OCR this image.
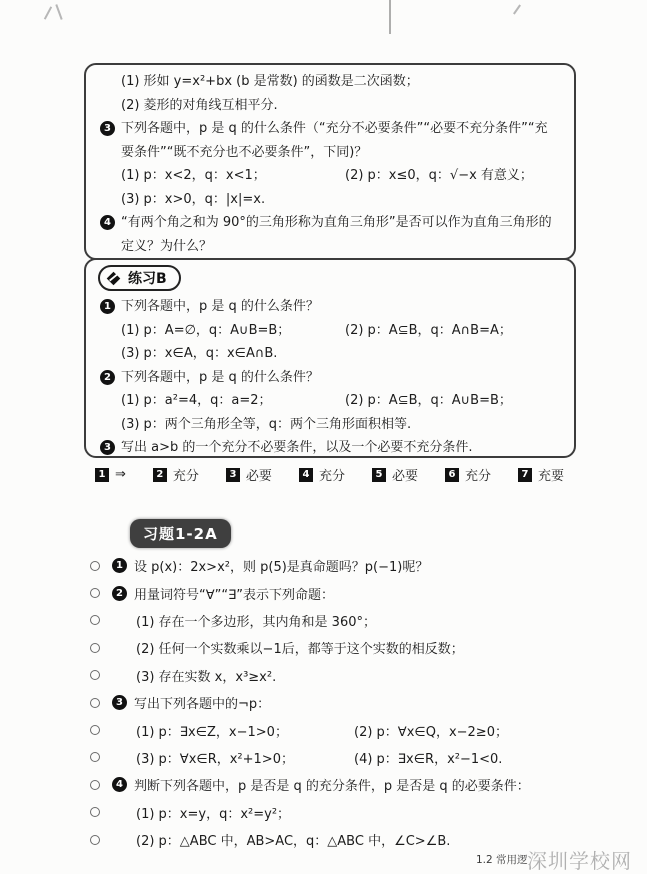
(1) 形如 y=x²+bx (b 是常数) 的函数是二次函数；
(2) 菱形的对角线互相平分.
3 下列各题中，p 是 q 的什么条件（“充分不必要条件”“必要不充分条件”“充要条件”“既不充分也不必要条件”，下同)？
(1) p：x<2，q：x<1；	(2) p：x≤0，q：√−x 有意义；
(3) p：x>0，q：|x|=x.
4 “有两个角之和为 90°的三角形称为直角三角形”是否可以作为直角三角形的定义？为什么？
练习B
1 下列各题中，p 是 q 的什么条件？
(1) p：A=∅，q：A∪B=B；	(2) p：A⊆B，q：A∩B=A；
(3) p：x∈A，q：x∈A∩B.
2 下列各题中，p 是 q 的什么条件？
(1) p：a²=4，q：a=2；	(2) p：A⊆B，q：A∪B=B；
(3) p：两个三角形全等，q：两个三角形面积相等.
3 写出 a>b 的一个充分不必要条件，以及一个必要不充分条件.
1 ⇒	2 充分	3 必要	4 充分	5 必要	6 充分	7 充要
习题1-2A
1 设 p(x)：2x>x²，则 p(5)是真命题吗？p(−1)呢？
2 用量词符号“∀”“∃”表示下列命题：
(1) 存在一个多边形，其内角和是 360°；
(2) 任何一个实数乘以−1后，都等于这个实数的相反数；
(3) 存在实数 x，x³≥x².
3 写出下列各题中的¬p：
(1) p：∃x∈Z，x−1>0；	(2) p：∀x∈Q，x−2≥0；
(3) p：∀x∈R，x²+1>0；	(4) p：∃x∈R，x²−1<0.
4 判断下列各题中，p 是否是 q 的充分条件，p 是否是 q 的必要条件：
(1) p：x=y，q：x²=y²；
(2) p：△ABC 中，AB>AC，q：△ABC 中，∠C>∠B.
1.2 常用逻 深圳学校网
